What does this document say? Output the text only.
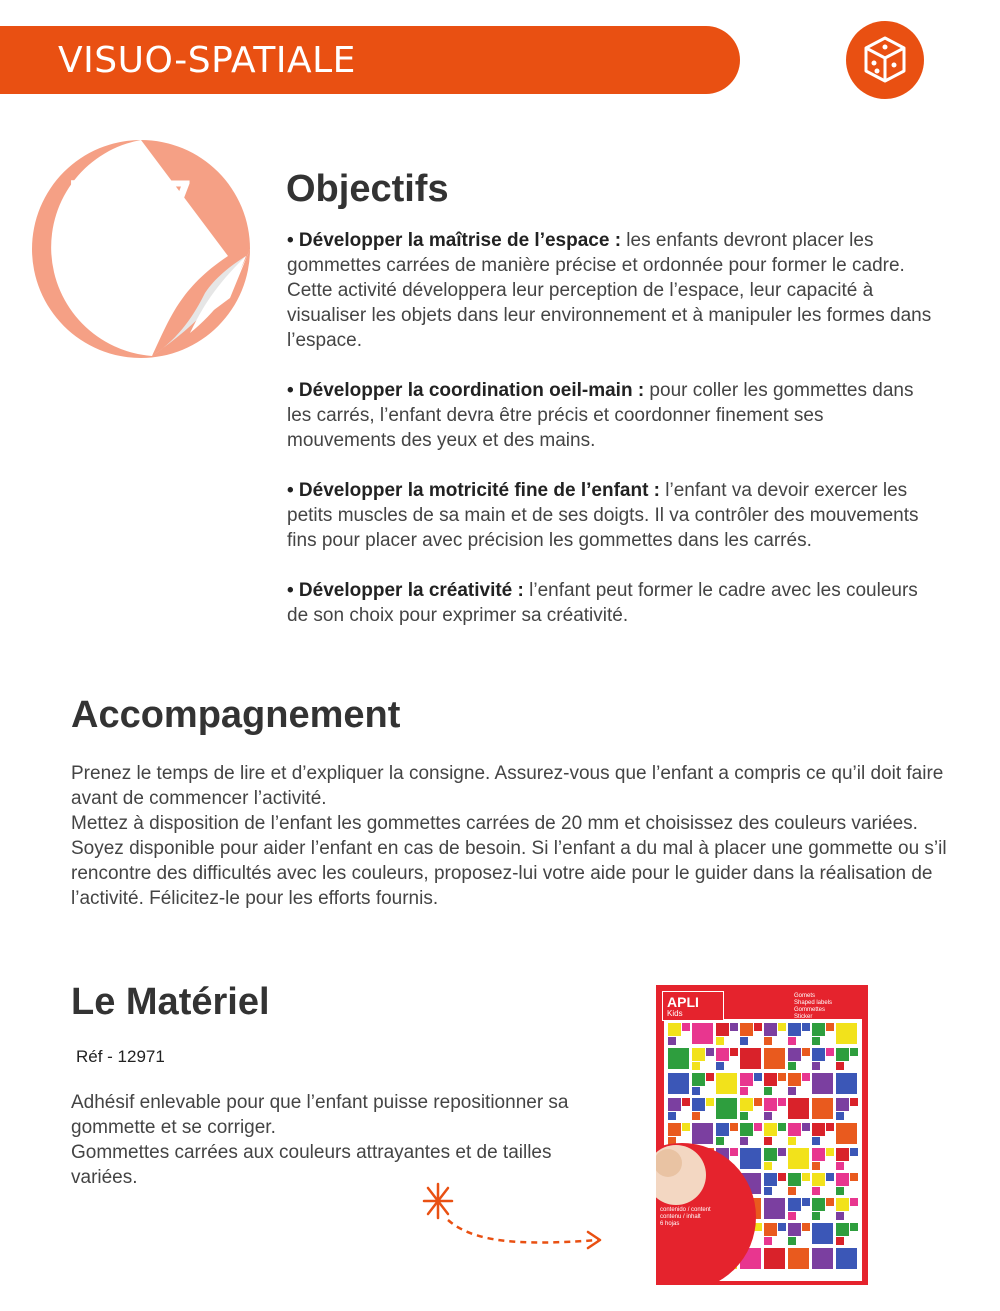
VISUO-SPATIALE
N°7 Objectifs

• Développer la maîtrise de l’espace : les enfants devront placer les gommettes carrées de manière précise et ordonnée pour former le cadre. Cette activité développera leur perception de l’espace, leur capacité à visualiser les objets dans leur environnement et à manipuler les formes dans l’espace.

• Développer la coordination oeil-main : pour coller les gommettes dans les carrés, l’enfant devra être précis et coordonner finement ses mouvements des yeux et des mains.

• Développer la motricité fine de l’enfant : l’enfant va devoir exercer les petits muscles de sa main et de ses doigts. Il va contrôler des mouvements fins pour placer avec précision les gommettes dans les carrés.

• Développer la créativité : l’enfant peut former le cadre avec les couleurs de son choix pour exprimer sa créativité.

Accompagnement

Prenez le temps de lire et d’expliquer la consigne. Assurez-vous que l’enfant a compris ce qu’il doit faire avant de commencer l’activité.

Mettez à disposition de l’enfant les gommettes carrées de 20 mm et choisissez des couleurs variées. Soyez disponible pour aider l’enfant en cas de besoin. Si l’enfant a du mal à placer une gommette ou s’il rencontre des difficultés avec les couleurs, proposez-lui votre aide pour le guider dans la réalisation de l’activité. Félicitez-le pour les efforts fournis.

Le Matériel
Réf - 12971

Adhésif enlevable pour que l’enfant puisse repositionner sa gommette et se corriger.

Gommettes carrées aux couleurs attrayantes et de tailles variées.

APLI
Kids
Gomets
Shaped labels
Gommettes
Sticker
contenido / content
contenu / inhalt
6 hojas
